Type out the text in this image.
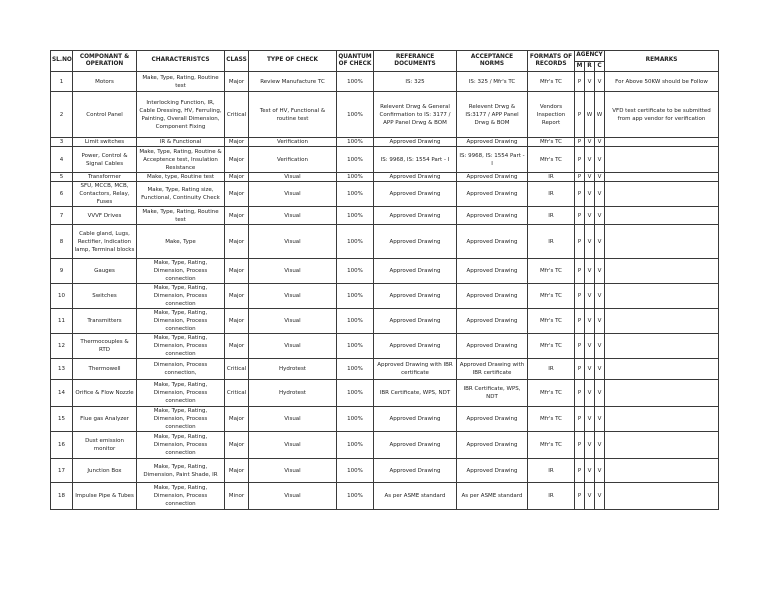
SL.NO	COMPONANT & OPERATION	CHARACTERISTCS	CLASS	TYPE OF CHECK	QUANTUM OF CHECK	REFERANCE DOCUMENTS	ACCEPTANCE NORMS	FORMATS OF RECORDS	AGENCY			REMARKS
									M	R	C	
1	Motors	Make, Type, Rating, Routine test	Major	Review Manufacture TC	100%	IS: 325	IS: 325 / Mfr's TC	Mfr's TC	P	V	V	For Above 50KW should be Follow
2	Control Panel	Interlocking Function, IR, Cable Dressing, HV, Ferruling, Painting, Overall Dimension, Component Fixing	Critical	Test of HV, Functional & routine test	100%	Relevent Drwg & General Confirmation to IS: 3177 / APP Panel Drwg & BOM	Relevent Drwg & IS:3177 / APP Panel Drwg & BOM	Vendors Inspection Report	P	W	W	VFD test certificate to be submitted from app vendor for verification
3	Limit switches	IR & Functional	Major	Verification	100%	Approved Drawing	Approved Drawing	Mfr's TC	P	V	V	
4	Power, Control & Signal Cables	Make, Type, Rating, Routine & Acceptence test, Insulation Resistance	Major	Verification	100%	IS: 9968, IS: 1554 Part - I	IS: 9968, IS: 1554 Part - I	Mfr's TC	P	V	V	
5	Transformer	Make, type, Routine test	Major	Visual	100%	Approved Drawing	Approved Drawing	IR	P	V	V	
6	SFU, MCCB, MCB, Contactors, Relay, Fuses	Make, Type, Rating size, Functional, Continuity Check	Major	Visual	100%	Approved Drawing	Approved Drawing	IR	P	V	V	
7	VVVF Drives	Make, Type, Rating, Routine test	Major	Visual	100%	Approved Drawing	Approved Drawing	IR	P	V	V	
8	Cable gland, Lugs, Rectifier, Indication lamp, Terminal blocks	Make, Type	Major	Visual	100%	Approved Drawing	Approved Drawing	IR	P	V	V	
9	Gauges	Make, Type, Rating, Dimension, Process connection	Major	Visual	100%	Approved Drawing	Approved Drawing	Mfr's TC	P	V	V	
10	Switches	Make, Type, Rating, Dimension, Process connection	Major	Visual	100%	Approved Drawing	Approved Drawing	Mfr's TC	P	V	V	
11	Transmitters	Make, Type, Rating, Dimension, Process connection	Major	Visual	100%	Approved Drawing	Approved Drawing	Mfr's TC	P	V	V	
12	Thermocouples & RTD	Make, Type, Rating, Dimension, Process connection	Major	Visual	100%	Approved Drawing	Approved Drawing	Mfr's TC	P	V	V	
13	Thermowell	Dimension, Process connection,	Critical	Hydrotest	100%	Approved Drawing with IBR certificate	Approved Drawing with IBR certificate	IR	P	V	V	
14	Orifice & Flow Nozzle	Make, Type, Rating, Dimension, Process connection	Critical	Hydrotest	100%	IBR Certificate, WPS, NDT	IBR Certificate, WPS, NDT	Mfr's TC	P	V	V	
15	Flue gas Analyzer	Make, Type, Rating, Dimension, Process connection	Major	Visual	100%	Approved Drawing	Approved Drawing	Mfr's TC	P	V	V	
16	Dust emission monitor	Make, Type, Rating, Dimension, Process connection	Major	Visual	100%	Approved Drawing	Approved Drawing	Mfr's TC	P	V	V	
17	Junction Box	Make, Type, Rating, Dimension, Paint Shade, IR	Major	Visual	100%	Approved Drawing	Approved Drawing	IR	P	V	V	
18	Impulse Pipe & Tubes	Make, Type, Rating, Dimension, Process connection	Minor	Visual	100%	As per ASME standard	As per ASME standard	IR	P	V	V	
